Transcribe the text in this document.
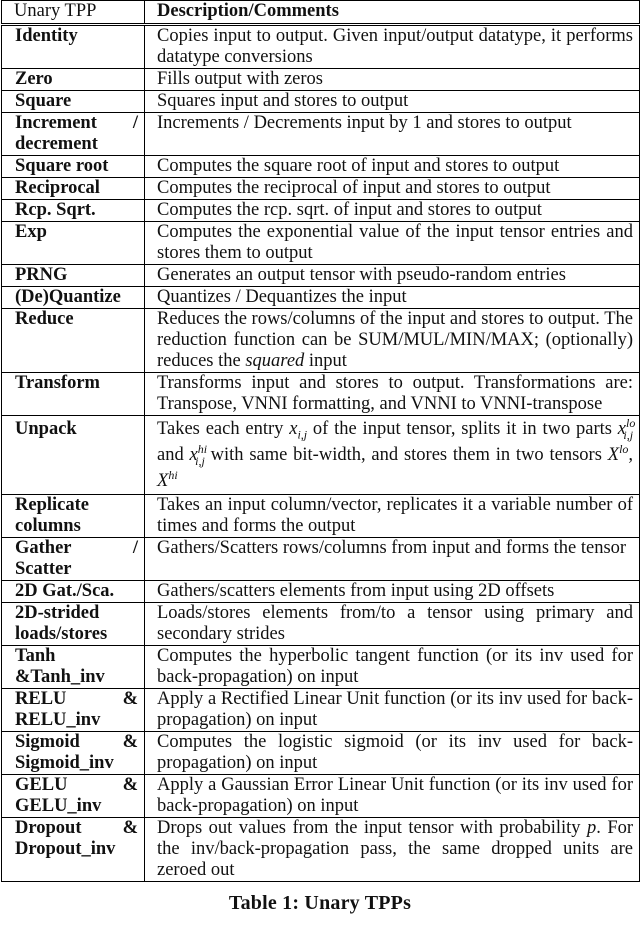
Unary TPP	Description/Comments
Identity	Copies input to output. Given input/output datatype, it performs datatype conversions
Zero	Fills output with zeros
Square	Squares input and stores to output
Increment / decrement	Increments / Decrements input by 1 and stores to output
Square root	Computes the square root of input and stores to output
Reciprocal	Computes the reciprocal of input and stores to output
Rcp. Sqrt.	Computes the rcp. sqrt. of input and stores to output
Exp	Computes the exponential value of the input tensor entries and stores them to output
PRNG	Generates an output tensor with pseudo-random entries
(De)Quantize	Quantizes / Dequantizes the input
Reduce	Reduces the rows/columns of the input and stores to output. The reduction function can be SUM/MUL/MIN/MAX; (optionally) reduces the squared input
Transform	Transforms input and stores to output. Transformations are: Transpose, VNNI formatting, and VNNI to VNNI-transpose
Unpack	Takes each entry $x_{i,j}$ of the input tensor, splits it in two parts $x^{lo}_{i,j}$ and $x^{hi}_{i,j}$ with same bit-width, and stores them in two tensors $X^{lo}$, $X^{hi}$
Replicate columns	Takes an input column/vector, replicates it a variable number of times and forms the output
Gather / Scatter	Gathers/Scatters rows/columns from input and forms the tensor
2D Gat./Sca.	Gathers/scatters elements from input using 2D offsets
2D-strided loads/stores	Loads/stores elements from/to a tensor using primary and secondary strides
Tanh &Tanh_inv	Computes the hyperbolic tangent function (or its inv used for back-propagation) on input
RELU & RELU_inv	Apply a Rectified Linear Unit function (or its inv used for back-propagation) on input
Sigmoid & Sigmoid_inv	Computes the logistic sigmoid (or its inv used for back-propagation) on input
GELU & GELU_inv	Apply a Gaussian Error Linear Unit function (or its inv used for back-propagation) on input
Dropout & Dropout_inv	Drops out values from the input tensor with probability p. For the inv/back-propagation pass, the same dropped units are zeroed out
Table 1: Unary TPPs
